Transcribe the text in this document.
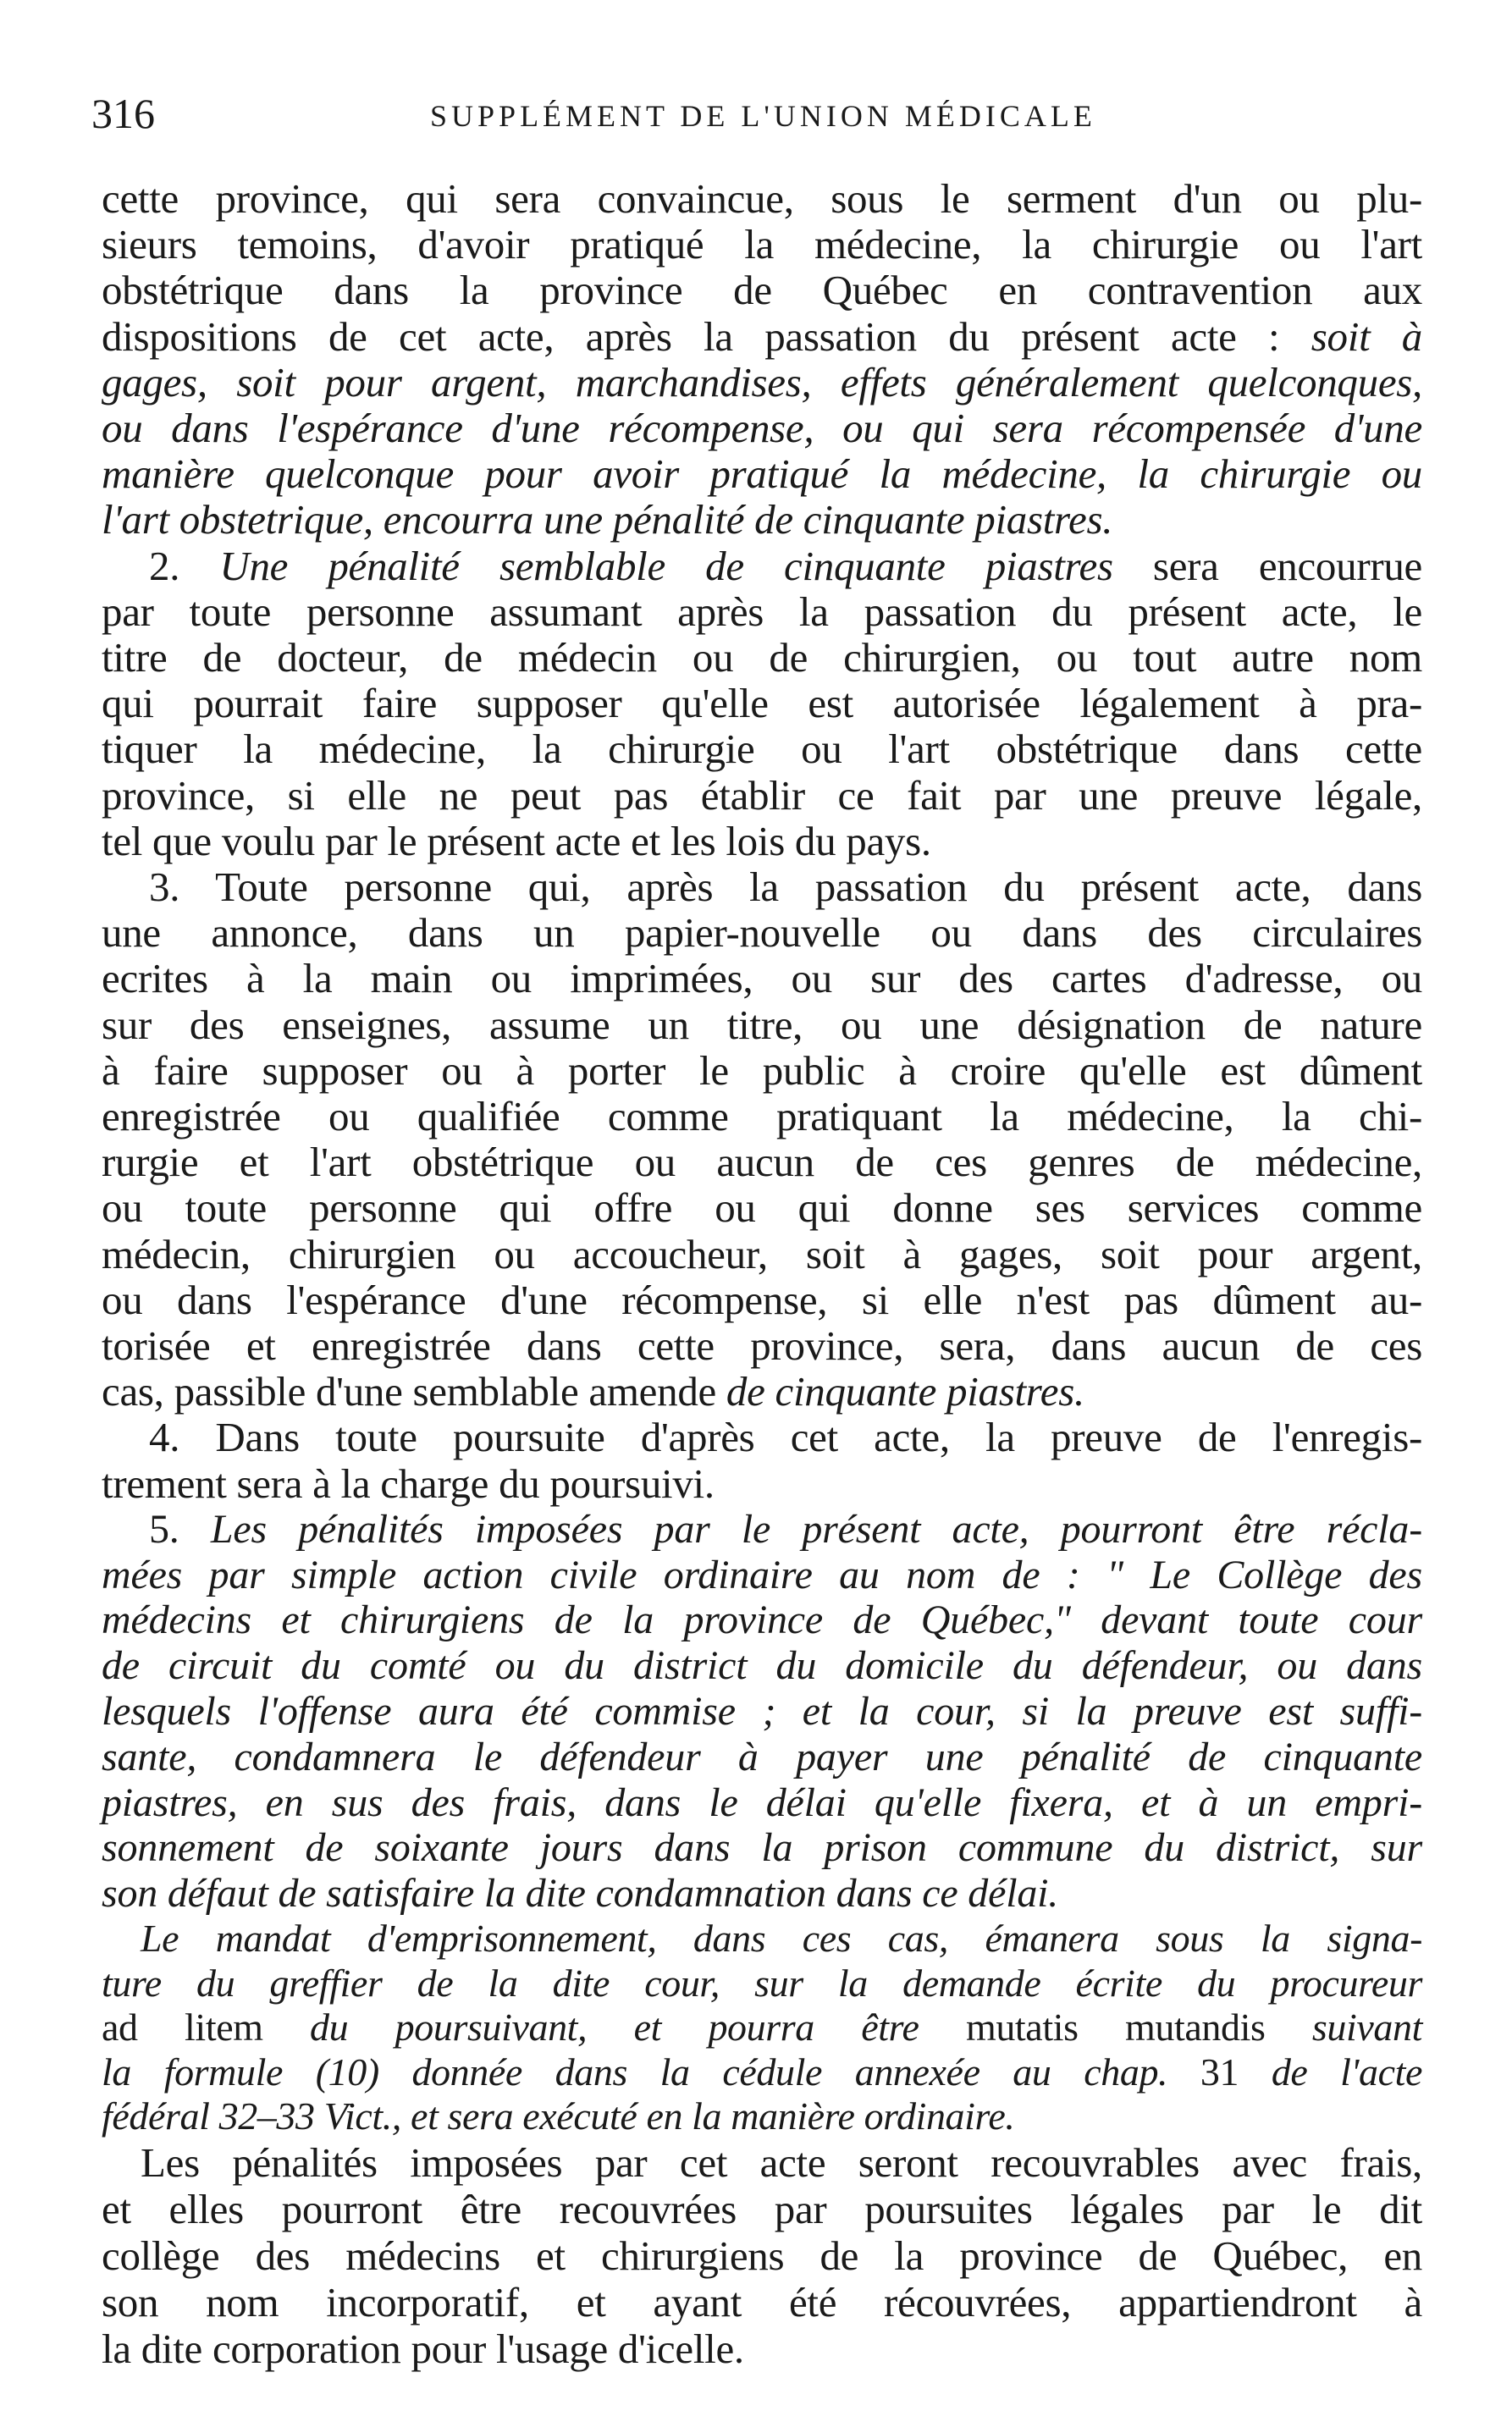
316	SUPPLÉMENT DE L'UNION MÉDICALE
cette province, qui sera convaincue, sous le serment d'un ou plu-
sieurs temoins, d'avoir pratiqué la médecine, la chirurgie ou l'art
obstétrique dans la province de Québec en contravention aux
dispositions de cet acte, après la passation du présent acte : soit à
gages, soit pour argent, marchandises, effets généralement quelconques,
ou dans l'espérance d'une récompense, ou qui sera récompensée d'une
manière quelconque pour avoir pratiqué la médecine, la chirurgie ou
l'art obstetrique, encourra une pénalité de cinquante piastres.
2. Une pénalité semblable de cinquante piastres sera encourrue
par toute personne assumant après la passation du présent acte, le
titre de docteur, de médecin ou de chirurgien, ou tout autre nom
qui pourrait faire supposer qu'elle est autorisée légalement à pra-
tiquer la médecine, la chirurgie ou l'art obstétrique dans cette
province, si elle ne peut pas établir ce fait par une preuve légale,
tel que voulu par le présent acte et les lois du pays.
3. Toute personne qui, après la passation du présent acte, dans
une annonce, dans un papier-nouvelle ou dans des circulaires
ecrites à la main ou imprimées, ou sur des cartes d'adresse, ou
sur des enseignes, assume un titre, ou une désignation de nature
à faire supposer ou à porter le public à croire qu'elle est dûment
enregistrée ou qualifiée comme pratiquant la médecine, la chi-
rurgie et l'art obstétrique ou aucun de ces genres de médecine,
ou toute personne qui offre ou qui donne ses services comme
médecin, chirurgien ou accoucheur, soit à gages, soit pour argent,
ou dans l'espérance d'une récompense, si elle n'est pas dûment au-
torisée et enregistrée dans cette province, sera, dans aucun de ces
cas, passible d'une semblable amende de cinquante piastres.
4. Dans toute poursuite d'après cet acte, la preuve de l'enregis-
trement sera à la charge du poursuivi.
5. Les pénalités imposées par le présent acte, pourront être récla-
mées par simple action civile ordinaire au nom de : " Le Collège des
médecins et chirurgiens de la province de Québec," devant toute cour
de circuit du comté ou du district du domicile du défendeur, ou dans
lesquels l'offense aura été commise ; et la cour, si la preuve est suffi-
sante, condamnera le défendeur à payer une pénalité de cinquante
piastres, en sus des frais, dans le délai qu'elle fixera, et à un empri-
sonnement de soixante jours dans la prison commune du district, sur
son défaut de satisfaire la dite condamnation dans ce délai.
Le mandat d'emprisonnement, dans ces cas, émanera sous la signa-
ture du greffier de la dite cour, sur la demande écrite du procureur
ad litem du poursuivant, et pourra être mutatis mutandis suivant
la formule (10) donnée dans la cédule annexée au chap. 31 de l'acte
fédéral 32–33 Vict., et sera exécuté en la manière ordinaire.
Les pénalités imposées par cet acte seront recouvrables avec frais,
et elles pourront être recouvrées par poursuites légales par le dit
collège des médecins et chirurgiens de la province de Québec, en
son nom incorporatif, et ayant été récouvrées, appartiendront à
la dite corporation pour l'usage d'icelle.
